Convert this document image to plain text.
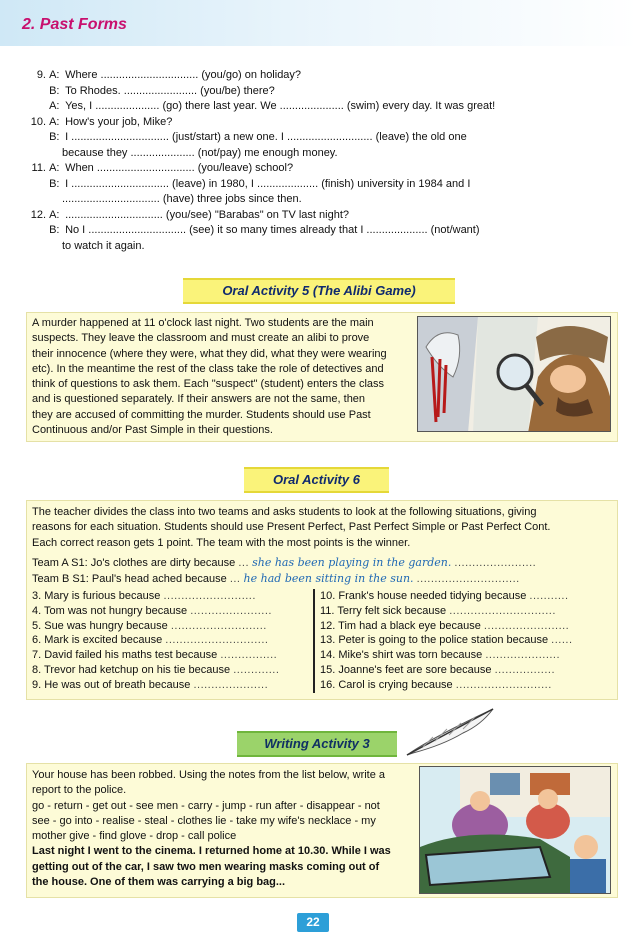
2. Past Forms
9. A: Where ................................ (you/go) on holiday?
B: To Rhodes. ........................ (you/be) there?
A: Yes, I ..................... (go) there last year. We ..................... (swim) every day. It was great!
10. A: How's your job, Mike?
B: I ................................ (just/start) a new one. I ............................ (leave) the old one
because they ..................... (not/pay) me enough money.
11. A: When ................................ (you/leave) school?
B: I ................................ (leave) in 1980, I .................... (finish) university in 1984 and I
................................ (have) three jobs since then.
12. A: ................................ (you/see) "Barabas" on TV last night?
B: No I ................................ (see) it so many times already that I .................... (not/want)
to watch it again.
Oral Activity 5 (The Alibi Game)
A murder happened at 11 o'clock last night. Two students are the main
suspects. They leave the classroom and must create an alibi to prove
their innocence (where they were, what they did, what they were wearing
etc). In the meantime the rest of the class take the role of detectives and
think of questions to ask them. Each "suspect" (student) enters the class
and is questioned separately. If their answers are not the same, then
they are accused of committing the murder. Students should use Past
Continuous and/or Past Simple in their questions.
Oral Activity 6
The teacher divides the class into two teams and asks students to look at the following situations, giving
reasons for each situation. Students should use Present Perfect, Past Perfect Simple or Past Perfect Cont.
Each correct reason gets 1 point. The team with the most points is the winner.
Team A S1: Jo's clothes are dirty because ... she has been playing in the garden. .......................
Team B S1: Paul's head ached because ... he had been sitting in the sun. .............................
3. Mary is furious because ..........................
4. Tom was not hungry because .......................
5. Sue was hungry because ...........................
6. Mark is excited because .............................
7. David failed his maths test because ................
8. Trevor had ketchup on his tie because .............
9. He was out of breath because .....................
10. Frank's house needed tidying because ...........
11. Terry felt sick because ..............................
12. Tim had a black eye because ........................
13. Peter is going to the police station because ......
14. Mike's shirt was torn because .....................
15. Joanne's feet are sore because .................
16. Carol is crying because ...........................
Writing Activity 3
Your house has been robbed. Using the notes from the list below, write a
report to the police.
go - return - get out - see men - carry - jump - run after - disappear - not
see - go into - realise - steal - clothes lie - take my wife's necklace - my
mother give - find glove - drop - call police
Last night I went to the cinema. I returned home at 10.30. While I was
getting out of the car, I saw two men wearing masks coming out of
the house. One of them was carrying a big bag...
22
